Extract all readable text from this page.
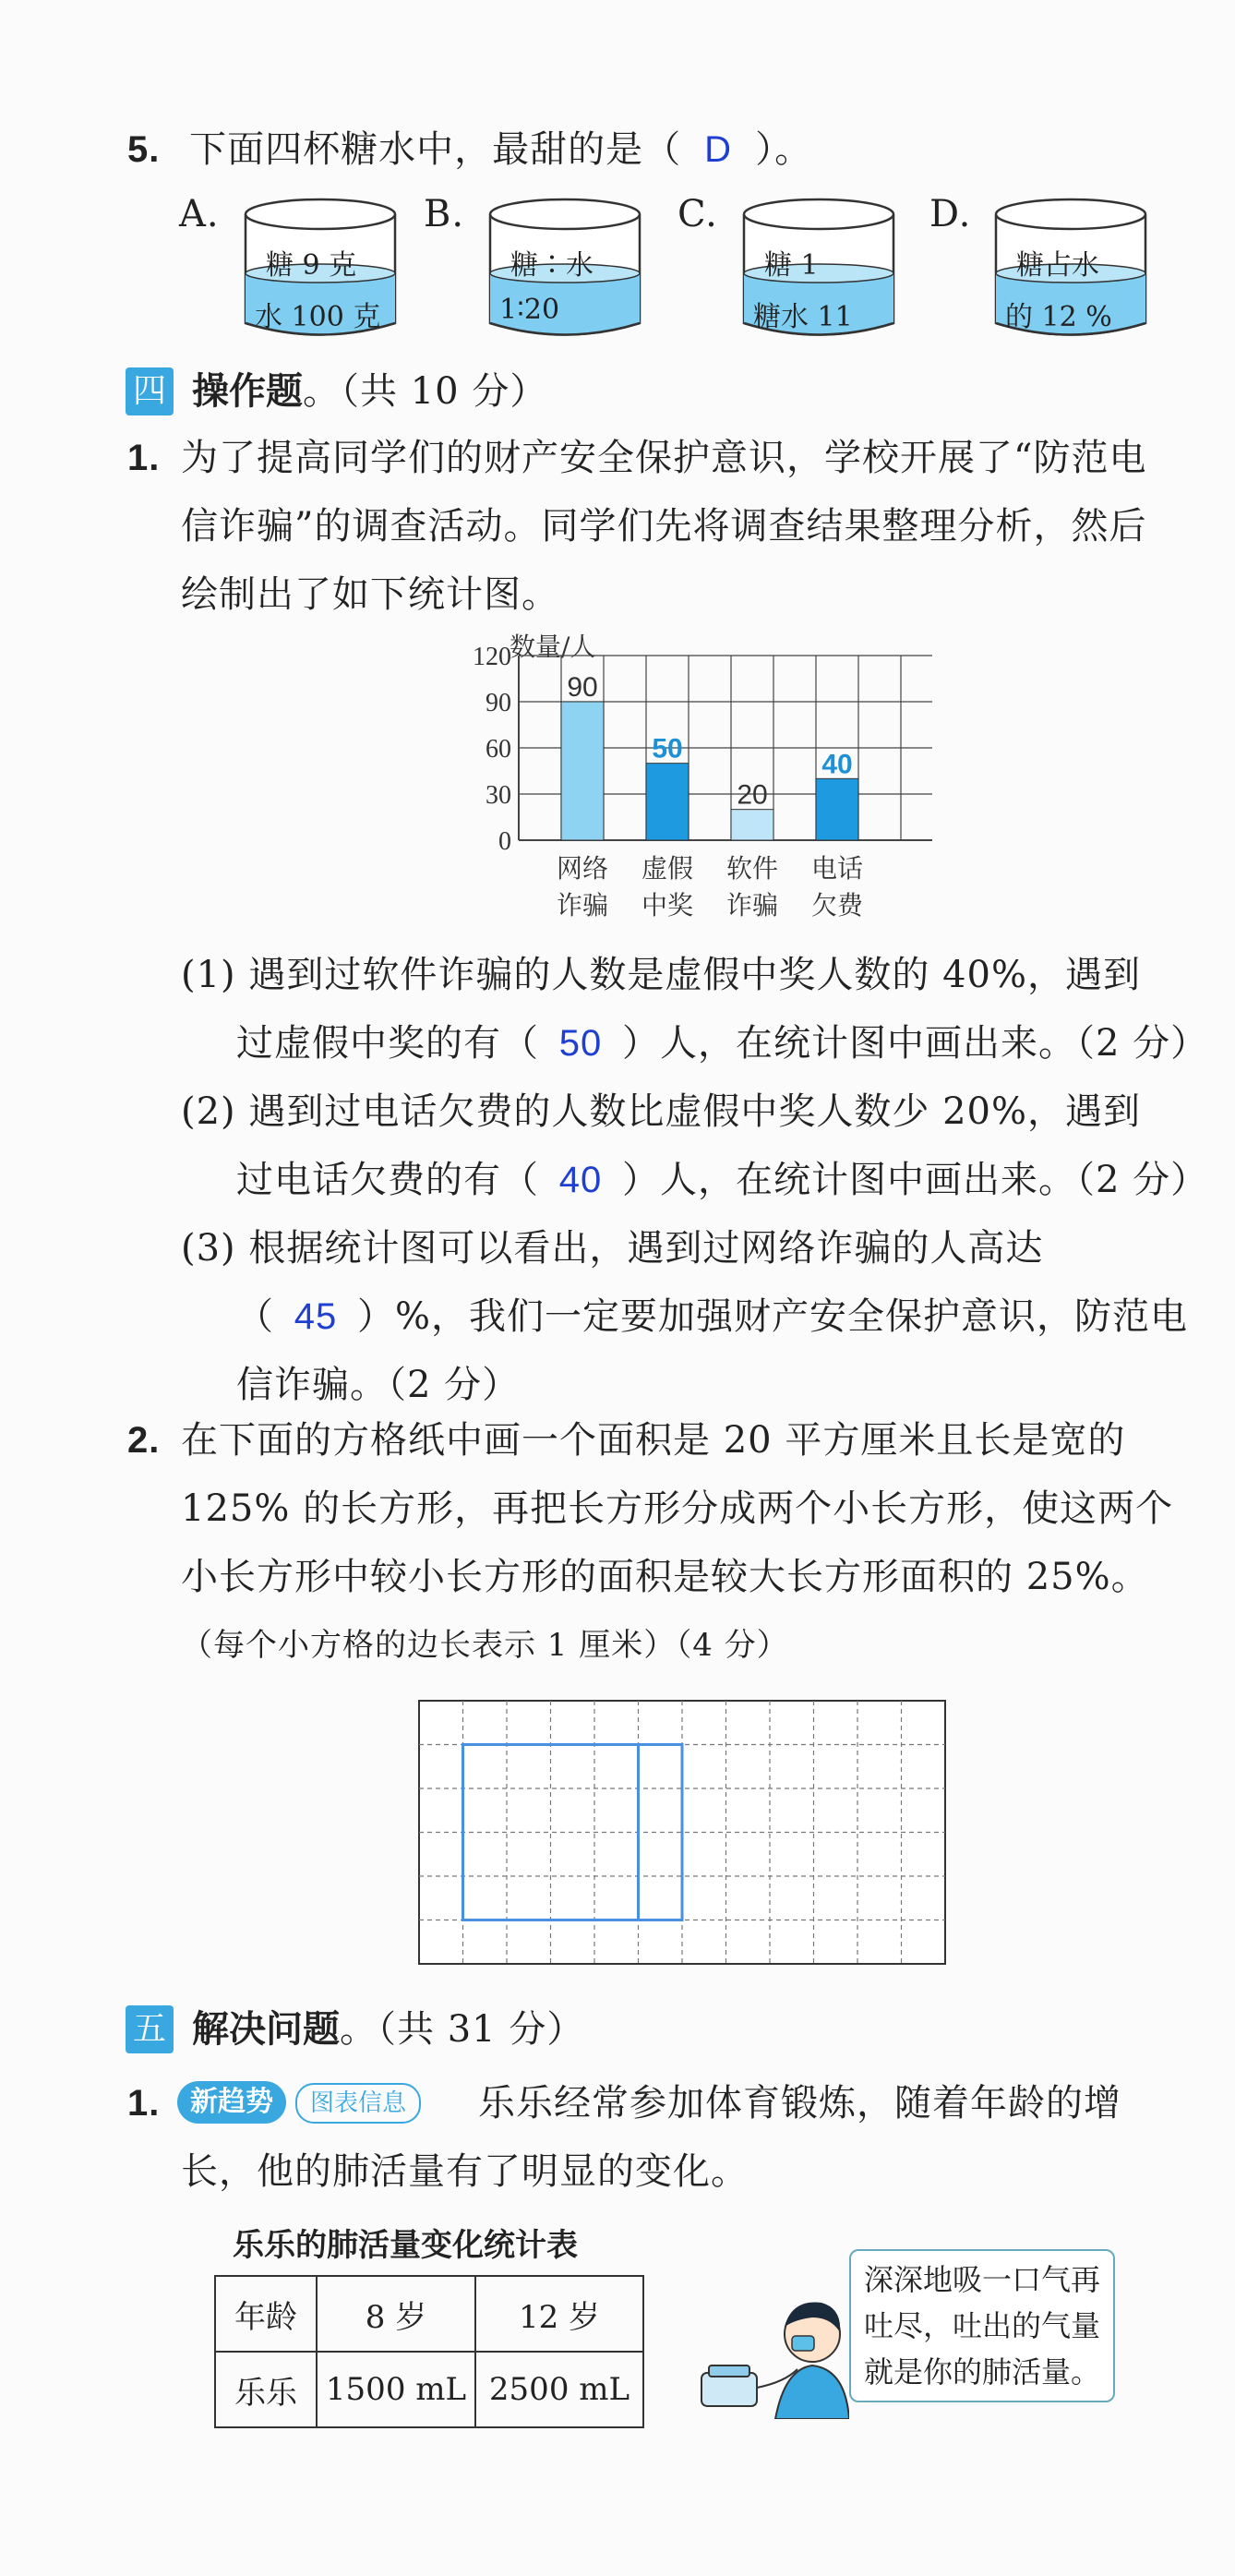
5. 下面四杯糖水中，最甜的是（ D ）。
A.
糖 9 克
水 100 克
B.
糖∶水
1∶20
C.
糖 1
糖水 11
D.
糖占水
的 12 %
四 操作题。（共 10 分）
1. 为了提高同学们的财产安全保护意识，学校开展了“防范电
信诈骗”的调查活动。同学们先将调查结果整理分析，然后
绘制出了如下统计图。
数量/人
120
90
60
30
0
90
网络
诈骗
50
虚假
中奖
20
软件
诈骗
40
电话
欠费
(1) 遇到过软件诈骗的人数是虚假中奖人数的 40%，遇到
过虚假中奖的有（ 50 ）人，在统计图中画出来。（2 分）
(2) 遇到过电话欠费的人数比虚假中奖人数少 20%，遇到
过电话欠费的有（ 40 ）人，在统计图中画出来。（2 分）
(3) 根据统计图可以看出，遇到过网络诈骗的人高达
（ 45 ）%，我们一定要加强财产安全保护意识，防范电
信诈骗。（2 分）
2. 在下面的方格纸中画一个面积是 20 平方厘米且长是宽的
125% 的长方形，再把长方形分成两个小长方形，使这两个
小长方形中较小长方形的面积是较大长方形面积的 25%。
（每个小方格的边长表示 1 厘米）（4 分）
五 解决问题。（共 31 分）
1.	新趋势	图表信息	乐乐经常参加体育锻炼，随着年龄的增
长，他的肺活量有了明显的变化。
乐乐的肺活量变化统计表
年龄	8 岁	12 岁
乐乐	1500 mL	2500 mL
深深地吸一口气再
吐尽，吐出的气量
就是你的肺活量。
